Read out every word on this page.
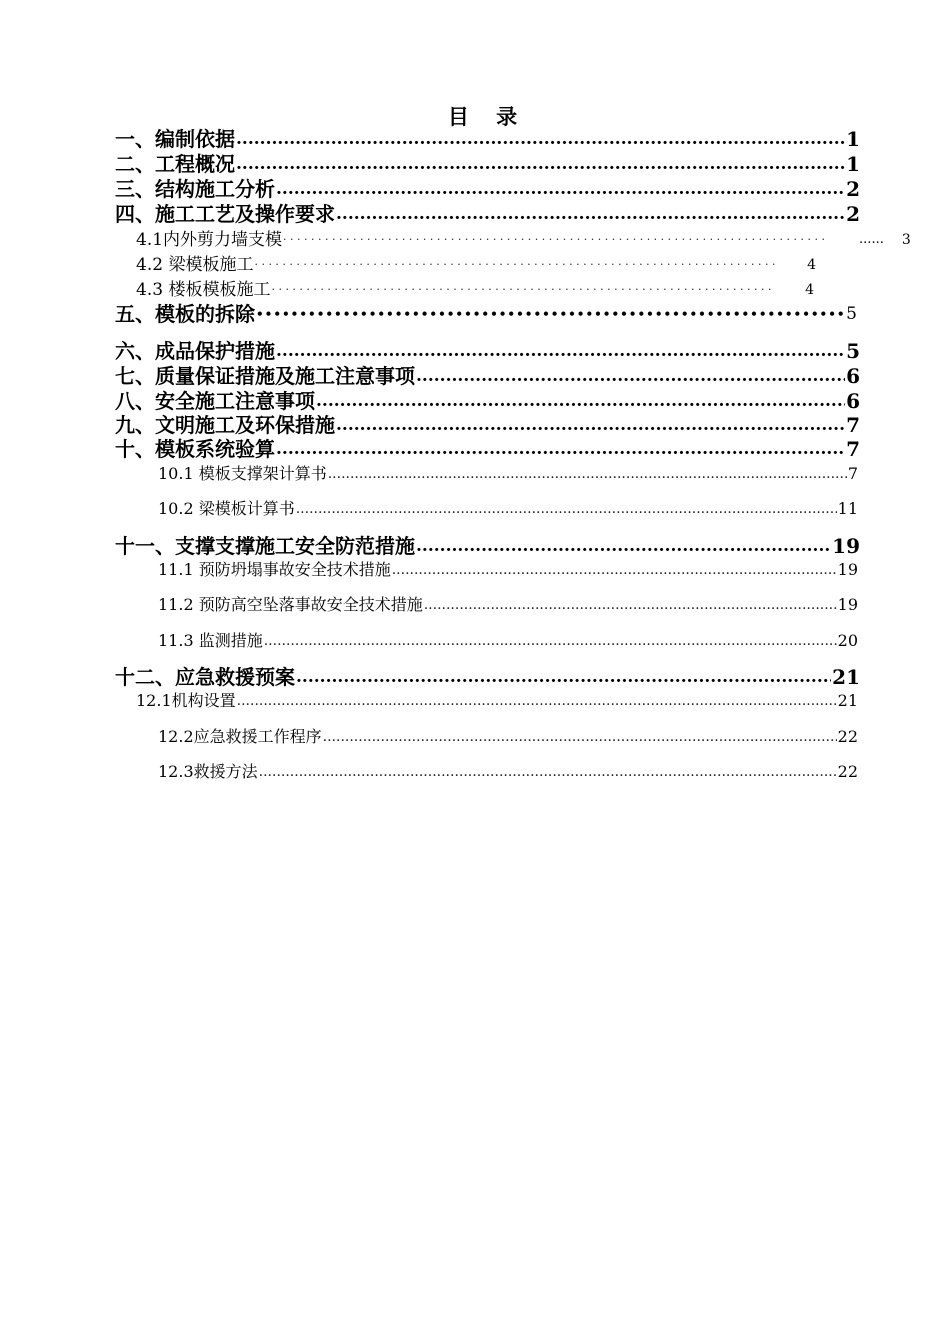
目 录
一、编制依据 .....	1
二、工程概况 .....	1
三、结构施工分析 .....	2
四、施工工艺及操作要求 .....	2
4.1内外剪力墙支模 · · ·	...... 3
4.2 梁模板施工 · · ·	4
4.3 楼板模板施工 · · ·	4
五、模板的拆除 •••••	5
六、成品保护措施 .....	5
七、质量保证措施及施工注意事项 .....	6
八、安全施工注意事项 .....	6
九、文明施工及环保措施 .....	7
十、模板系统验算 .....	7
10.1 模板支撑架计算书 .....	7
10.2 梁模板计算书 .....	11
十一、支撑支撑施工安全防范措施 .....	19
11.1 预防坍塌事故安全技术措施 .....	19
11.2 预防高空坠落事故安全技术措施 .....	19
11.3 监测措施 .....	20
十二、应急救援预案 .....	21
12.1机构设置 .....	21
12.2应急救援工作程序 .....	22
12.3救援方法 .....	22
